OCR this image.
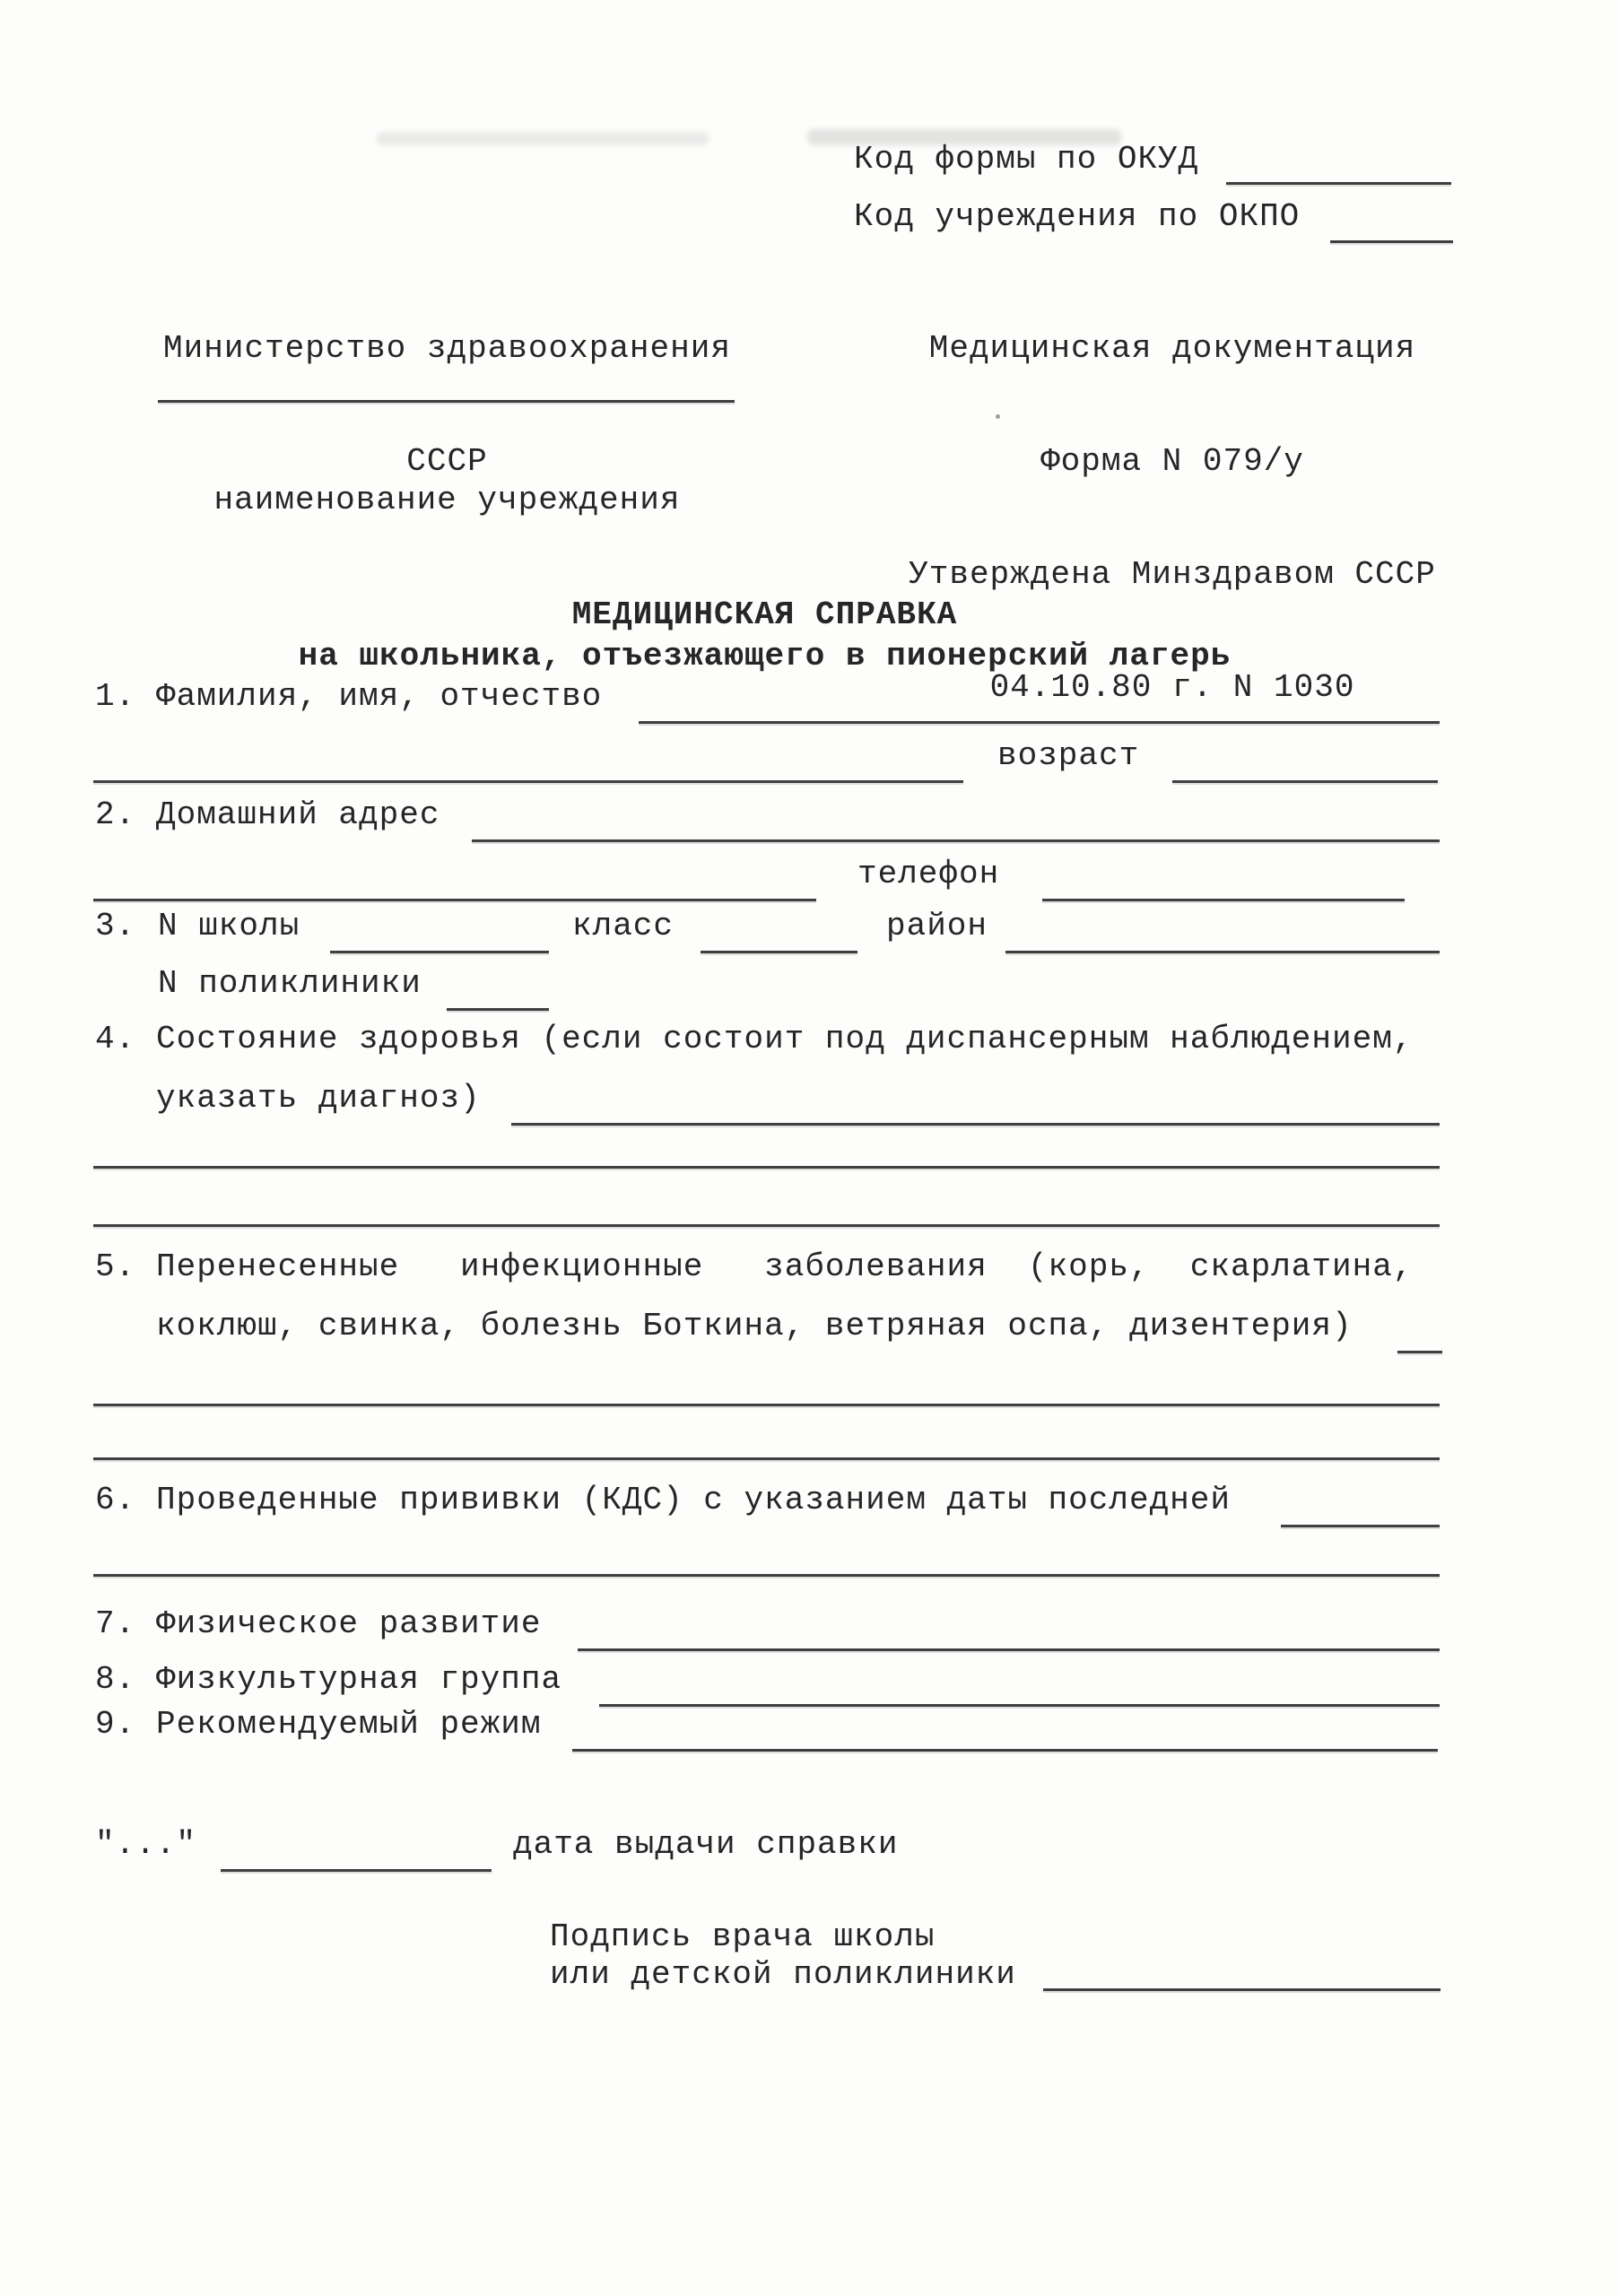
Код формы по ОКУД
Код учреждения по ОКПО

Министерство здравоохранения

СССР

наименование учреждения

Медицинская документация

Форма N 079/у

Утверждена Минздравом СССР

04.10.80 г. N 1030

МЕДИЦИНСКАЯ СПРАВКА

на школьника, отъезжающего в пионерский лагерь

1. Фамилия, имя, отчество
возраст
2. Домашний адрес
телефон
3. N школы	класс	район
N поликлиники
4. Состояние здоровья (если состоит под диспансерным наблюдением,
указать диагноз)
5. Перенесенные   инфекционные   заболевания  (корь,  скарлатина,
коклюш, свинка, болезнь Боткина, ветряная оспа, дизентерия)
6. Проведенные прививки (КДС) с указанием даты последней
7. Физическое развитие
8. Физкультурная группа
9. Рекомендуемый режим
"..."	дата выдачи справки
Подпись врача школы
или детской поликлиники
